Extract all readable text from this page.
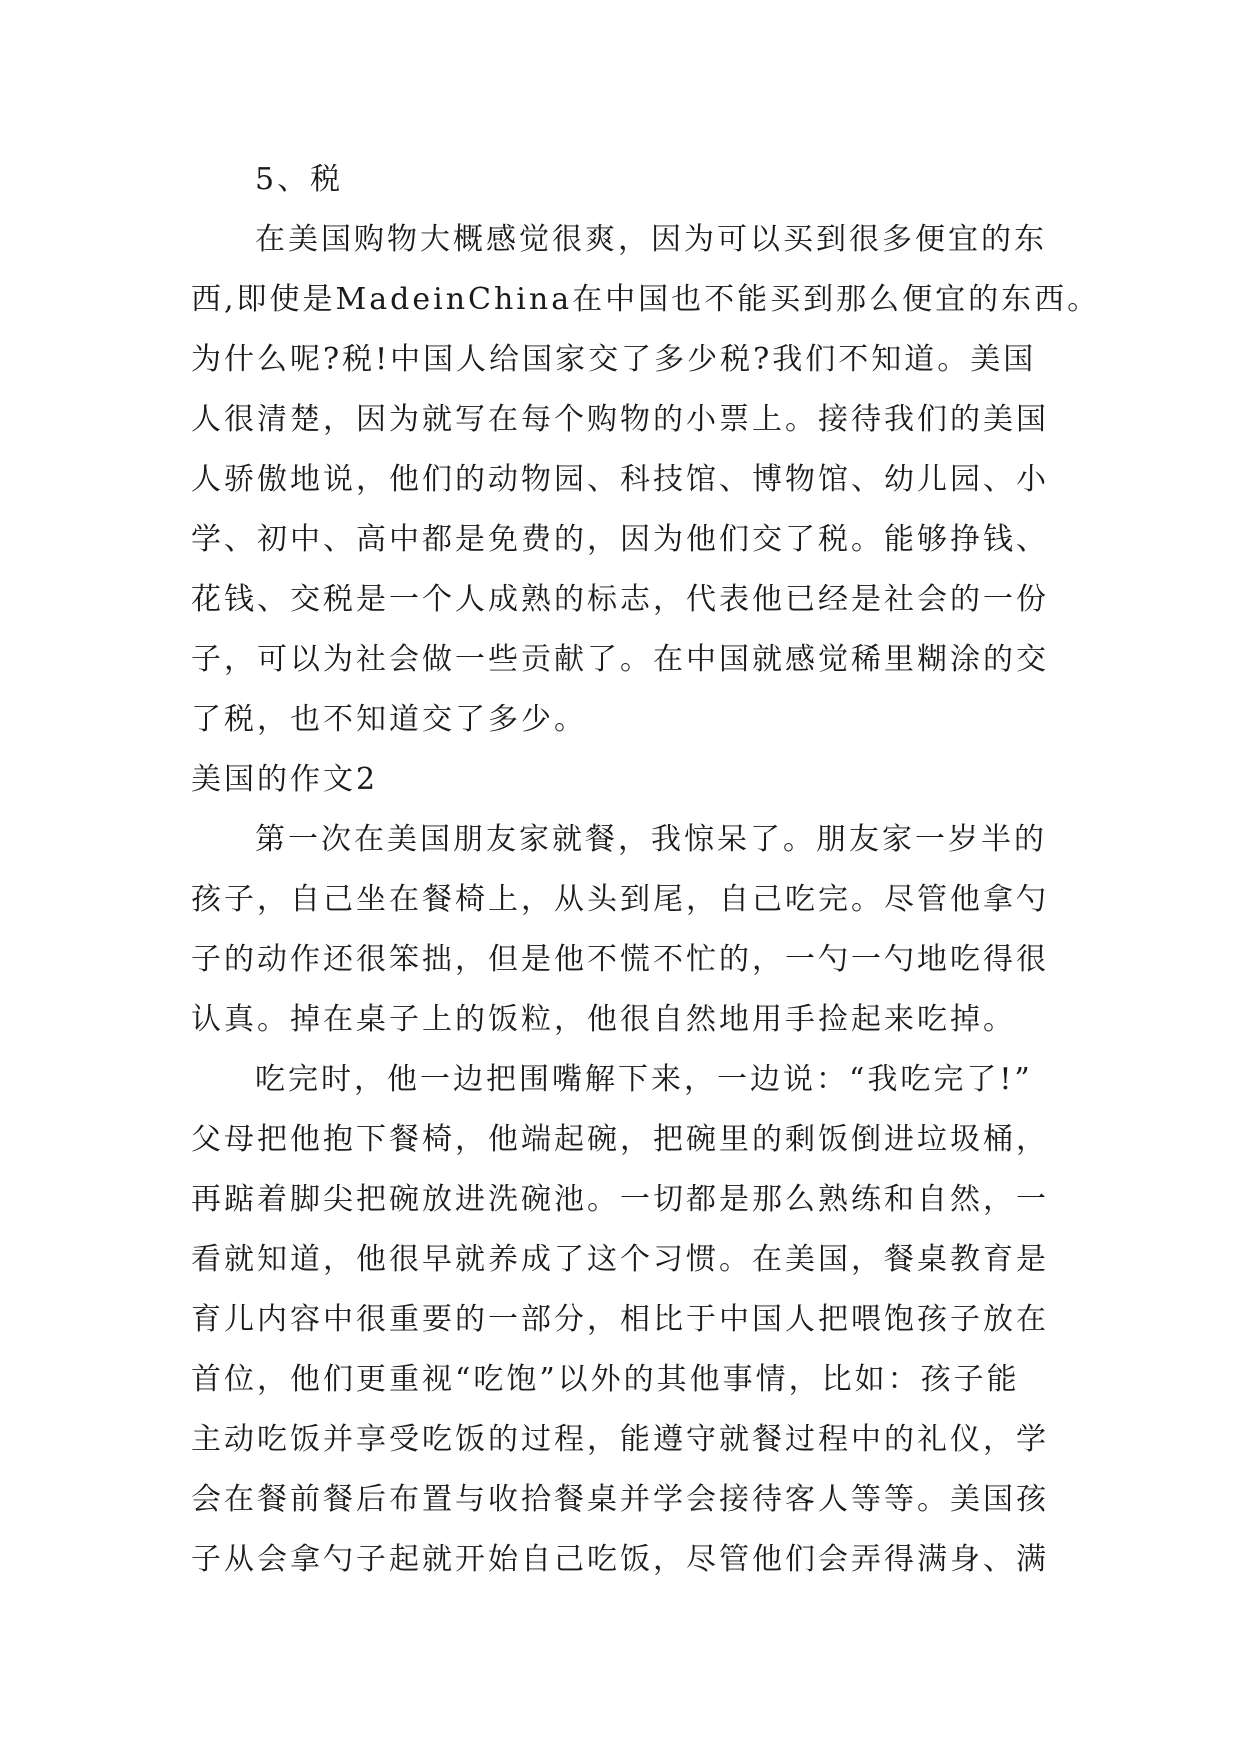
5、税
在美国购物大概感觉很爽，因为可以买到很多便宜的东
西,即使是MadeinChina在中国也不能买到那么便宜的东西。
为什么呢?税!中国人给国家交了多少税?我们不知道。美国
人很清楚，因为就写在每个购物的小票上。接待我们的美国
人骄傲地说，他们的动物园、科技馆、博物馆、幼儿园、小
学、初中、高中都是免费的，因为他们交了税。能够挣钱、
花钱、交税是一个人成熟的标志，代表他已经是社会的一份
子，可以为社会做一些贡献了。在中国就感觉稀里糊涂的交
了税，也不知道交了多少。
美国的作文2
第一次在美国朋友家就餐，我惊呆了。朋友家一岁半的
孩子，自己坐在餐椅上，从头到尾，自己吃完。尽管他拿勺
子的动作还很笨拙，但是他不慌不忙的，一勺一勺地吃得很
认真。掉在桌子上的饭粒，他很自然地用手捡起来吃掉。
吃完时，他一边把围嘴解下来，一边说：“我吃完了!”
父母把他抱下餐椅，他端起碗，把碗里的剩饭倒进垃圾桶，
再踮着脚尖把碗放进洗碗池。一切都是那么熟练和自然，一
看就知道，他很早就养成了这个习惯。在美国，餐桌教育是
育儿内容中很重要的一部分，相比于中国人把喂饱孩子放在
首位，他们更重视“吃饱”以外的其他事情，比如：孩子能
主动吃饭并享受吃饭的过程，能遵守就餐过程中的礼仪，学
会在餐前餐后布置与收拾餐桌并学会接待客人等等。美国孩
子从会拿勺子起就开始自己吃饭，尽管他们会弄得满身、满
